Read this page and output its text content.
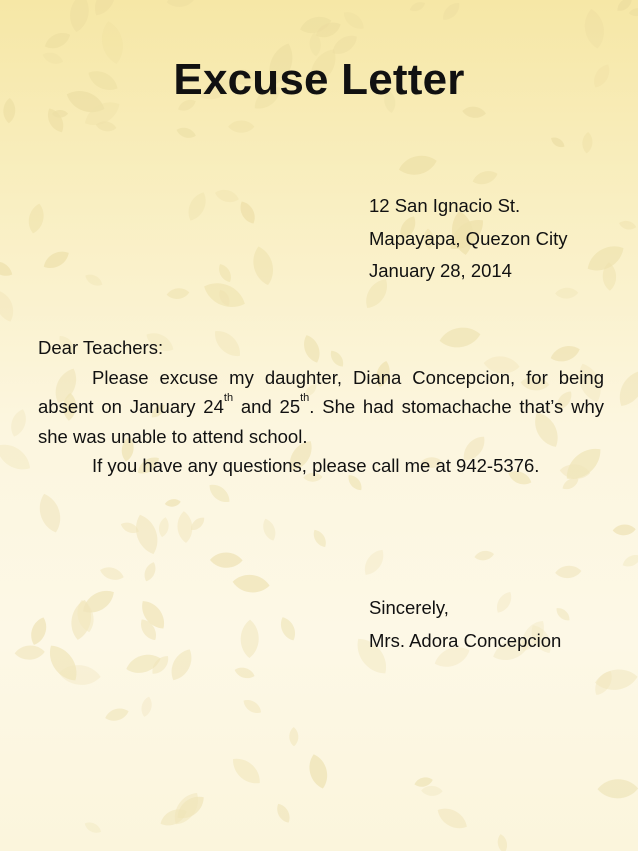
Excuse Letter
12 San Ignacio St.
Mapayapa, Quezon City
January 28, 2014

Dear Teachers:

Please excuse my daughter, Diana Concepcion, for being absent on January 24th and 25th. She had stomachache that’s why she was unable to attend school.

If you have any questions, please call me at 942-5376.

Sincerely,
Mrs. Adora Concepcion
